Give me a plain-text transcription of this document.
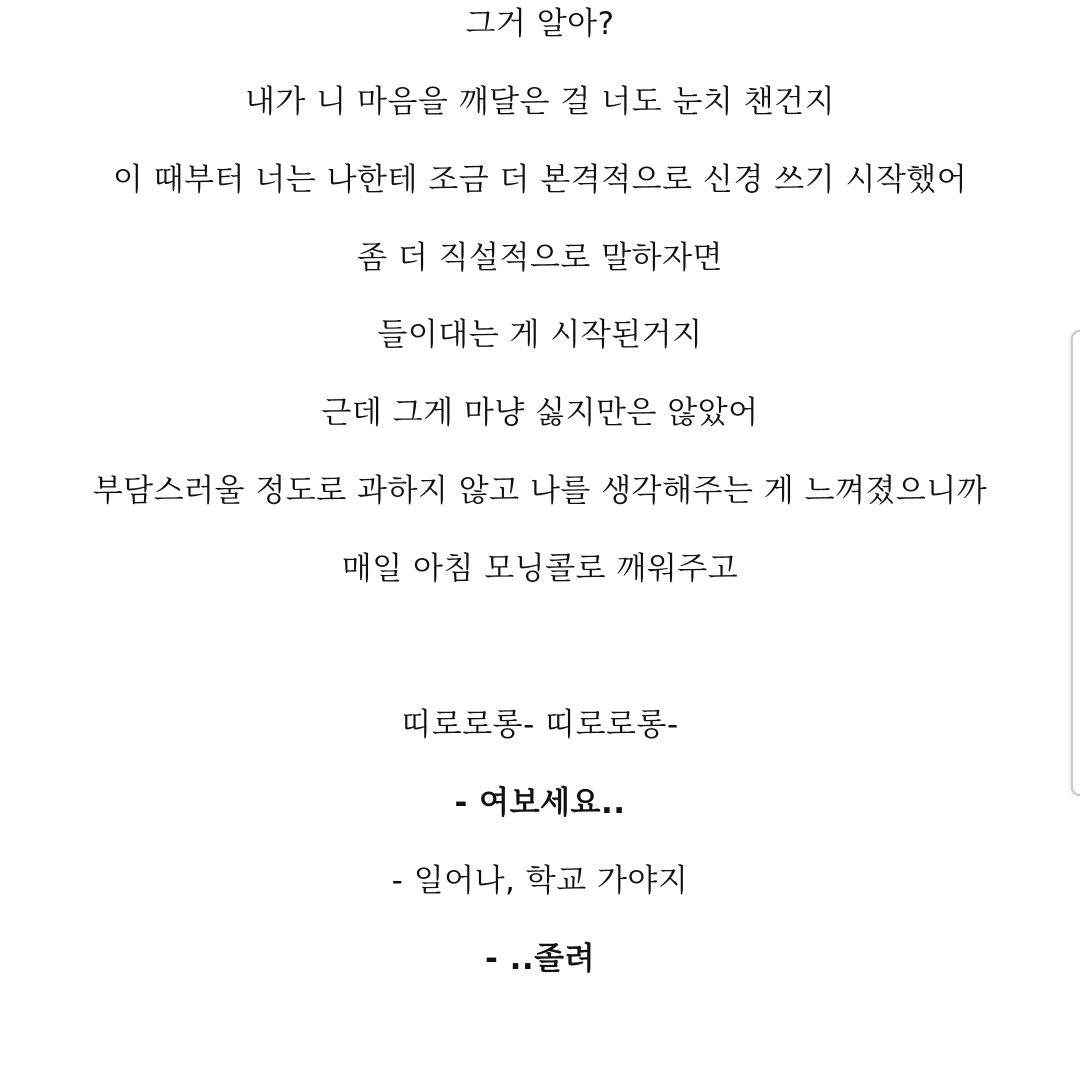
그거 알아?
내가 니 마음을 깨달은 걸 너도 눈치 챈건지
이 때부터 너는 나한테 조금 더 본격적으로 신경 쓰기 시작했어
좀 더 직설적으로 말하자면
들이대는 게 시작된거지
근데 그게 마냥 싫지만은 않았어
부담스러울 정도로 과하지 않고 나를 생각해주는 게 느껴졌으니까
매일 아침 모닝콜로 깨워주고
띠로로롱- 띠로로롱-
- 여보세요..
- 일어나, 학교 가야지
- ..졸려
